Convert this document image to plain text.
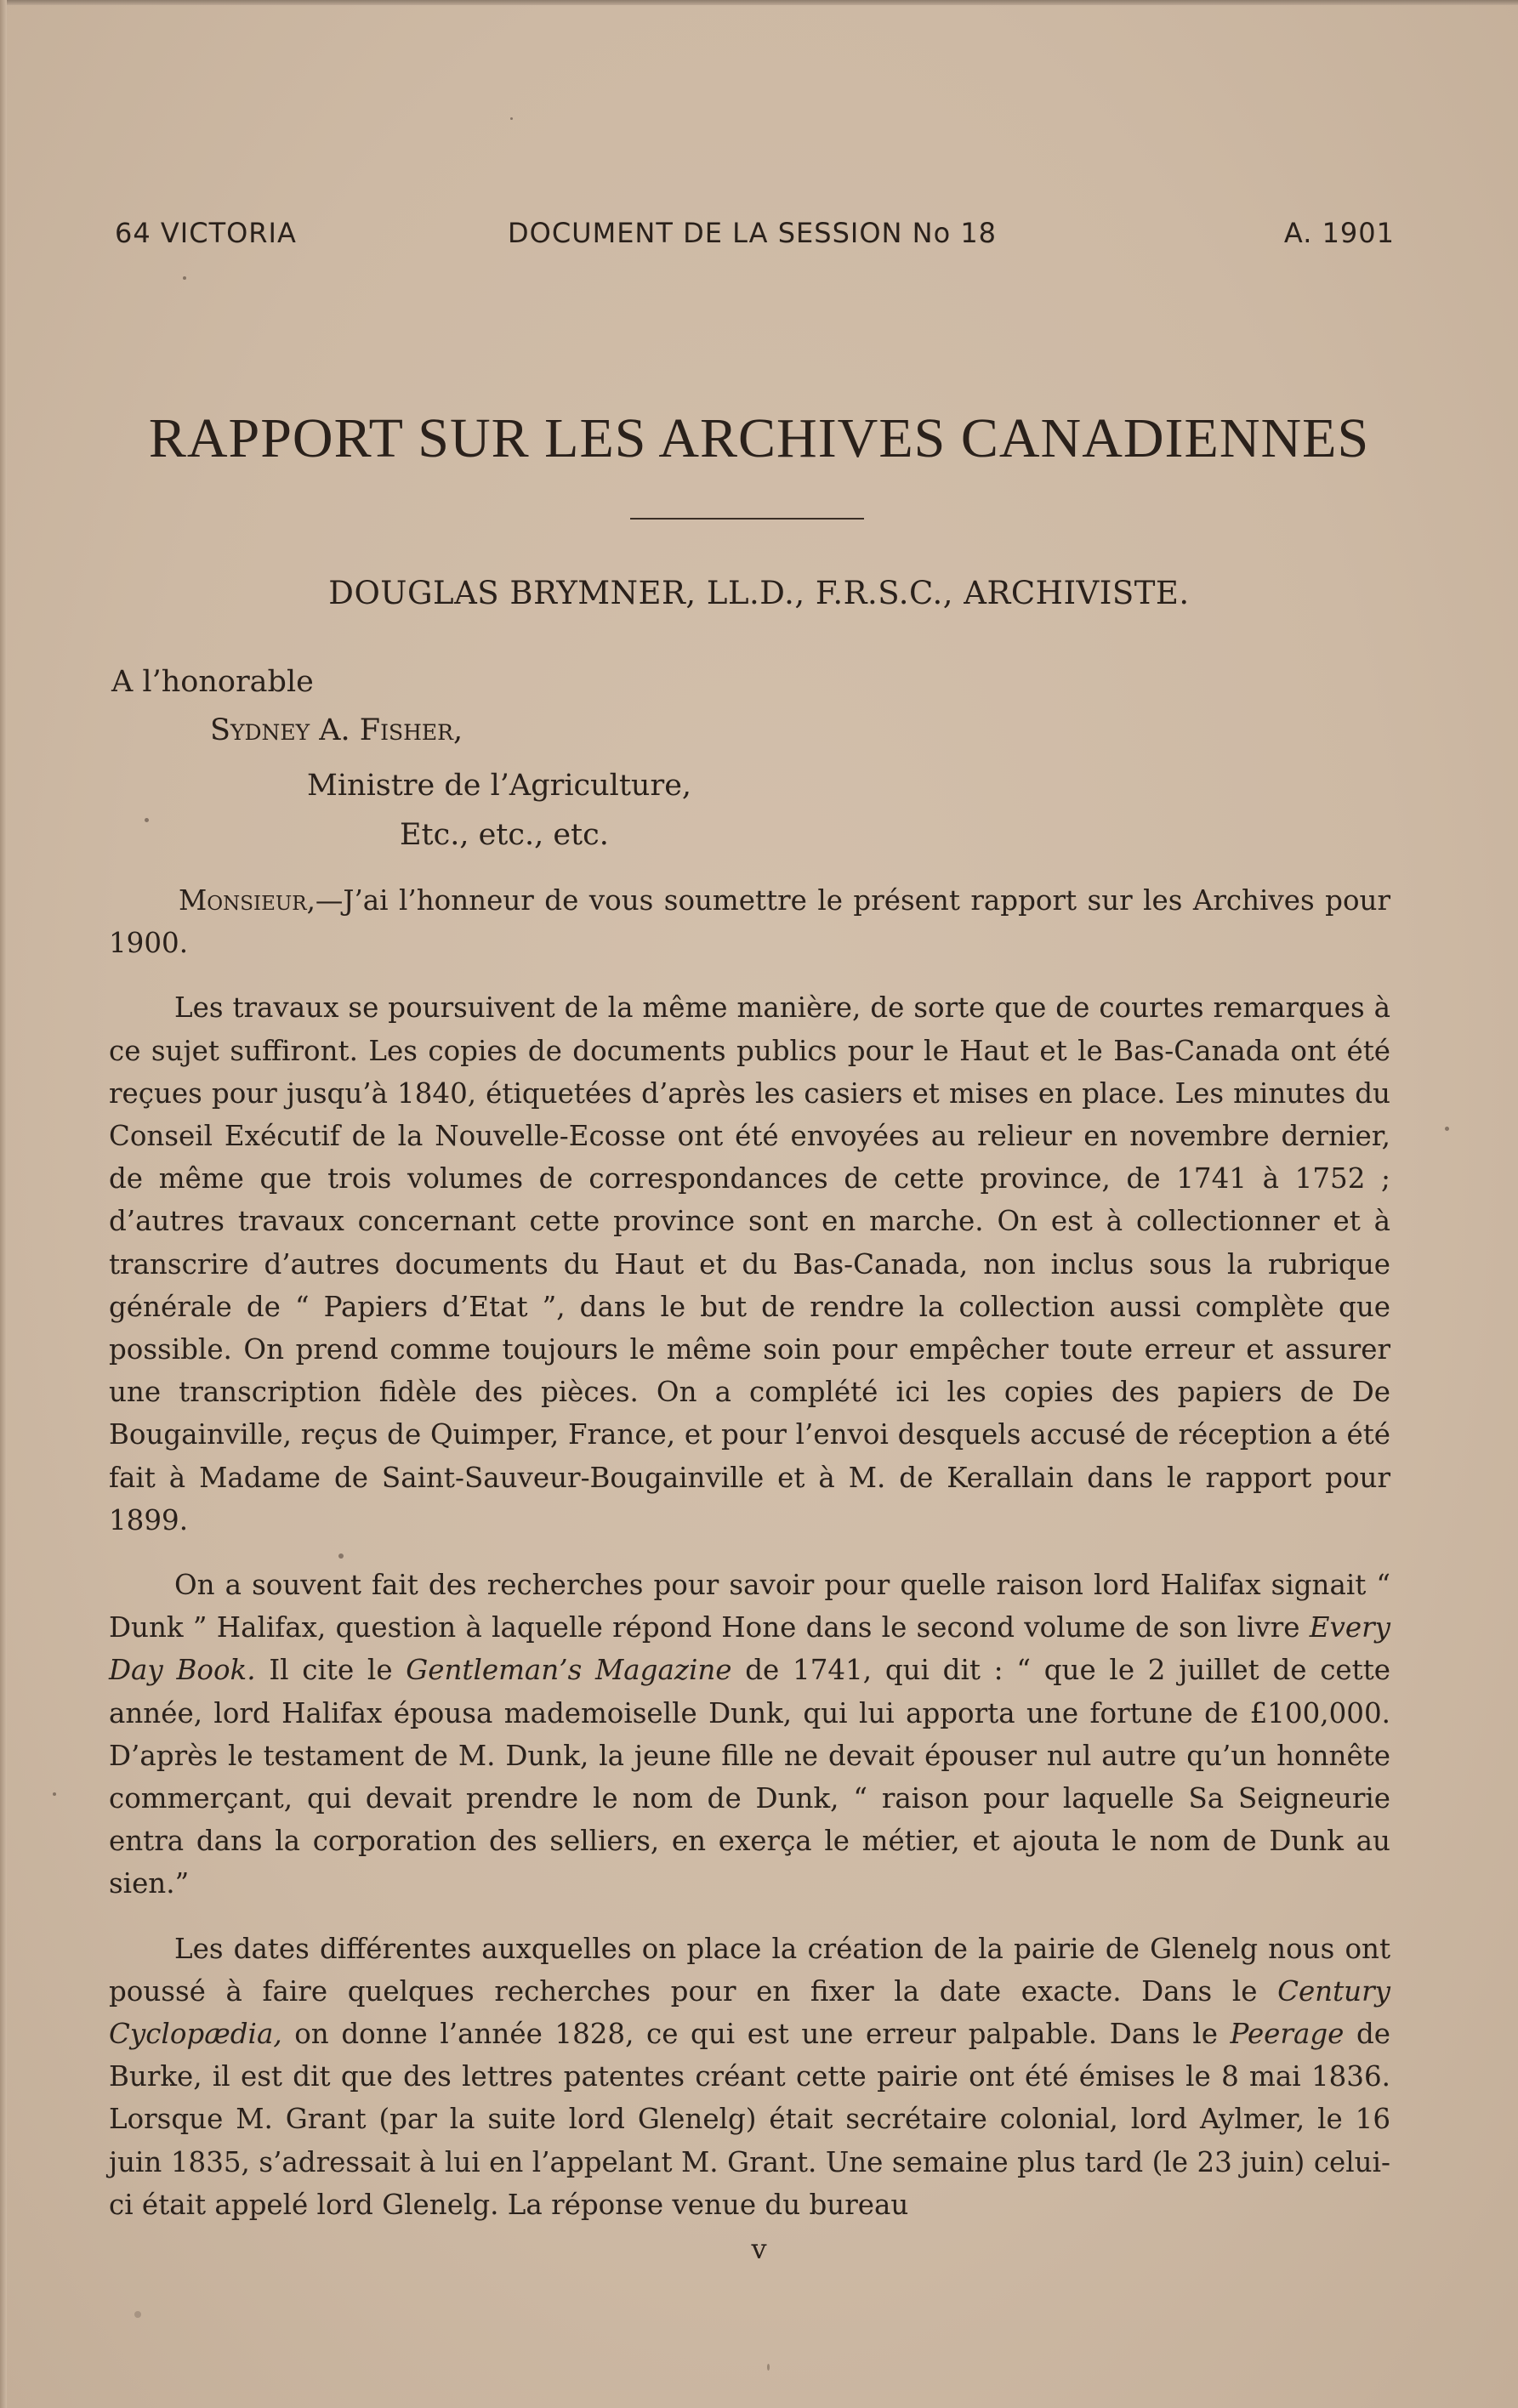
64 VICTORIA	DOCUMENT DE LA SESSION No 18	A. 1901
RAPPORT SUR LES ARCHIVES CANADIENNES
DOUGLAS BRYMNER, LL.D., F.R.S.C., ARCHIVISTE.
A l’honorable
Sydney A. Fisher,
Ministre de l’Agriculture,
Etc., etc., etc.

Monsieur,—J’ai l’honneur de vous soumettre le présent rapport sur les Archives pour 1900.

Les travaux se poursuivent de la même manière, de sorte que de courtes remarques à ce sujet suffiront. Les copies de documents publics pour le Haut et le Bas-Canada ont été reçues pour jusqu’à 1840, étiquetées d’après les casiers et mises en place. Les minutes du Conseil Exécutif de la Nouvelle-Ecosse ont été envoyées au relieur en novembre dernier, de même que trois volumes de correspondances de cette province, de 1741 à 1752 ; d’autres travaux concernant cette province sont en marche. On est à collectionner et à transcrire d’autres documents du Haut et du Bas-Canada, non inclus sous la rubrique générale de “ Papiers d’Etat ”, dans le but de rendre la collection aussi complète que possible. On prend comme toujours le même soin pour empêcher toute erreur et assurer une transcription fidèle des pièces. On a complété ici les copies des papiers de De Bougainville, reçus de Quimper, France, et pour l’envoi desquels accusé de réception a été fait à Madame de Saint-Sauveur-Bougainville et à M. de Kerallain dans le rapport pour 1899.

On a souvent fait des recherches pour savoir pour quelle raison lord Halifax signait “ Dunk ” Halifax, question à laquelle répond Hone dans le second volume de son livre Every Day Book. Il cite le Gentleman’s Magazine de 1741, qui dit : “ que le 2 juillet de cette année, lord Halifax épousa mademoiselle Dunk, qui lui apporta une fortune de £100,000. D’après le testament de M. Dunk, la jeune fille ne devait épouser nul autre qu’un honnête commerçant, qui devait prendre le nom de Dunk, “ raison pour laquelle Sa Seigneurie entra dans la corporation des selliers, en exerça le métier, et ajouta le nom de Dunk au sien.”

Les dates différentes auxquelles on place la création de la pairie de Glenelg nous ont poussé à faire quelques recherches pour en fixer la date exacte. Dans le Century Cyclopædia, on donne l’année 1828, ce qui est une erreur palpable. Dans le Peerage de Burke, il est dit que des lettres patentes créant cette pairie ont été émises le 8 mai 1836. Lorsque M. Grant (par la suite lord Glenelg) était secrétaire colonial, lord Aylmer, le 16 juin 1835, s’adressait à lui en l’appelant M. Grant. Une semaine plus tard (le 23 juin) celui-ci était appelé lord Glenelg. La réponse venue du bureau

v
